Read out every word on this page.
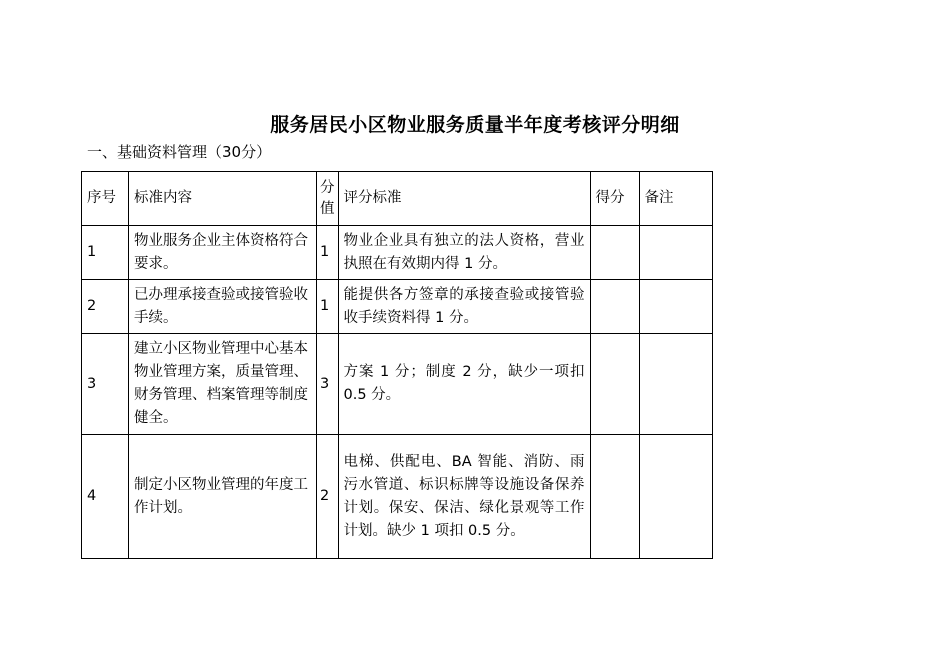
服务居民小区物业服务质量半年度考核评分明细
一、基础资料管理（30分）
序号	标准内容	分值	评分标准	得分	备注
1	物业服务企业主体资格符合要求。	1	物业企业具有独立的法人资格，营业执照在有效期内得 1 分。		
2	已办理承接查验或接管验收手续。	1	能提供各方签章的承接查验或接管验收手续资料得 1 分。		
3	建立小区物业管理中心基本物业管理方案，质量管理、财务管理、档案管理等制度健全。	3	方案 1 分；制度 2 分，缺少一项扣 0.5 分。		
4	制定小区物业管理的年度工作计划。	2	电梯、供配电、BA 智能、消防、雨污水管道、标识标牌等设施设备保养计划。保安、保洁、绿化景观等工作计划。缺少 1 项扣 0.5 分。		
